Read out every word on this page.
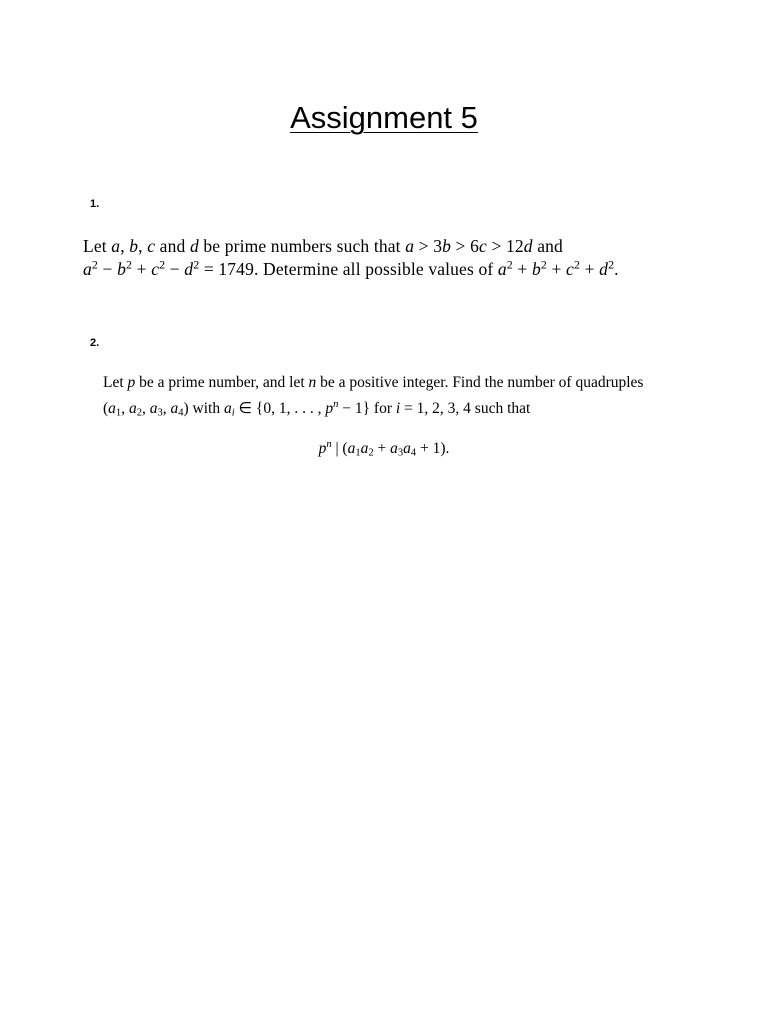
Assignment 5
1.
Let a, b, c and d be prime numbers such that a > 3b > 6c > 12d and
$a^2 - b^2 + c^2 - d^2 = 1749$. Determine all possible values of $a^2 + b^2 + c^2 + d^2$.
2.
Let p be a prime number, and let n be a positive integer. Find the number of quadruples
($a_1$, $a_2$, $a_3$, $a_4$) with $a_i$ ∈ {0, 1, . . . , $p^n - 1$} for i = 1, 2, 3, 4 such that
$p^n$ | $(a_1a_2 + a_3a_4 + 1)$.
